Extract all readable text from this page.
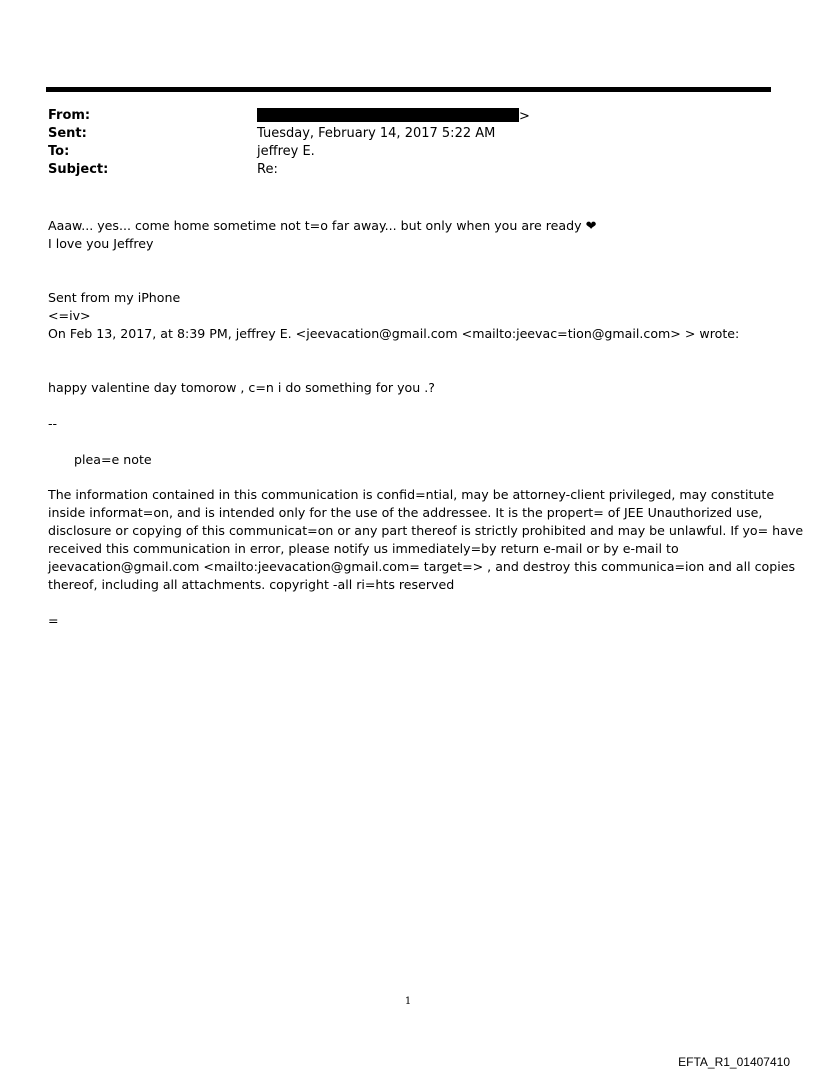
From:	>
Sent:	Tuesday, February 14, 2017 5:22 AM
To:	jeffrey E.
Subject:	Re:
Aaaw... yes... come home sometime not t=o far away... but only when you are ready ❤︎
I love you Jeffrey
Sent from my iPhone
<=iv>
On Feb 13, 2017, at 8:39 PM, jeffrey E. <jeevacation@gmail.com <mailto:jeevac=tion@gmail.com> > wrote:
happy valentine day tomorow , c=n i do something for you .?
--
plea=e note
The information contained in this communication is confid=ntial, may be attorney-client privileged, may constitute
inside informat=on, and is intended only for the use of the addressee. It is the propert= of JEE Unauthorized use,
disclosure or copying of this communicat=on or any part thereof is strictly prohibited and may be unlawful. If yo= have
received this communication in error, please notify us immediately=by return e-mail or by e-mail to
jeevacation@gmail.com <mailto:jeevacation@gmail.com= target=> , and destroy this communica=ion and all copies
thereof, including all attachments. copyright -all ri=hts reserved
=
1
EFTA_R1_01407410
